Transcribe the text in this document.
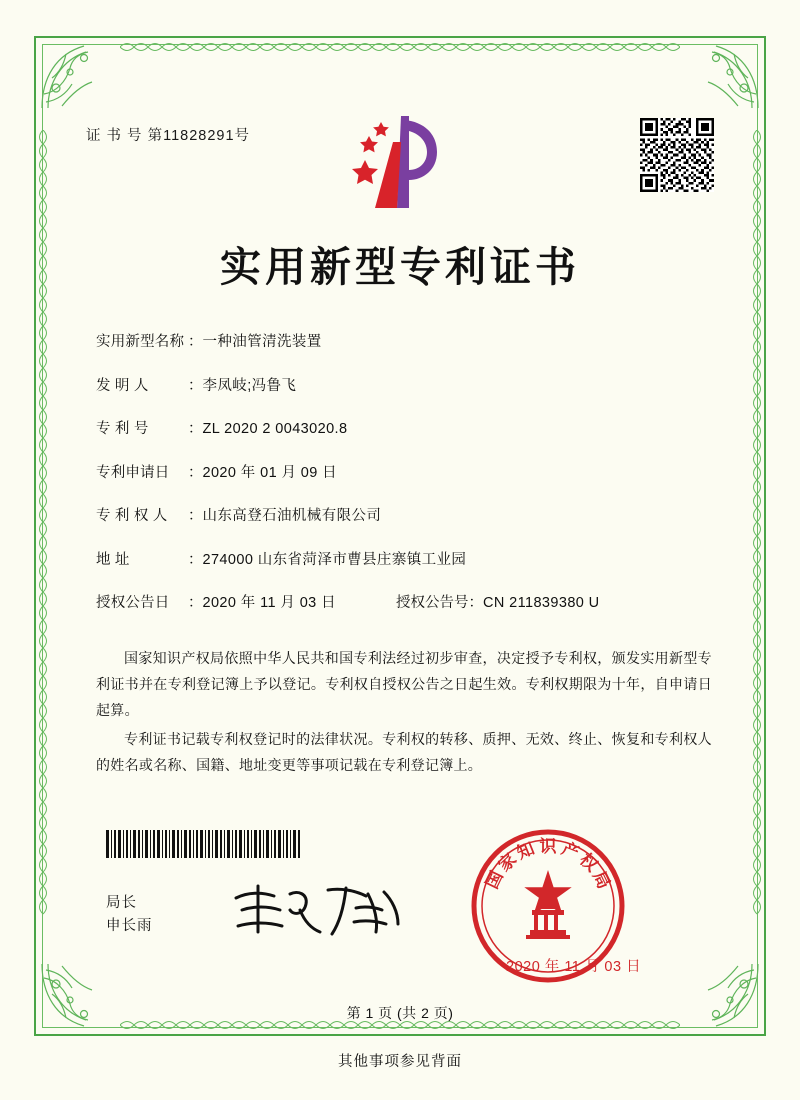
证 书 号 第11828291号
实用新型专利证书
实用新型名称 ： 一种油管清洗装置
发 明 人	： 李凤岐;冯鲁飞
专 利 号	： ZL 2020 2 0043020.8
专利申请日	： 2020 年 01 月 09 日
专 利 权 人	： 山东高登石油机械有限公司
地 址	： 274000 山东省菏泽市曹县庄寨镇工业园
授权公告日	： 2020 年 11 月 03 日	授权公告号 ： CN 211839380 U

国家知识产权局依照中华人民共和国专利法经过初步审查，决定授予专利权，颁发实用新型专利证书并在专利登记簿上予以登记。专利权自授权公告之日起生效。专利权期限为十年，自申请日起算。

专利证书记载专利权登记时的法律状况。专利权的转移、质押、无效、终止、恢复和专利权人的姓名或名称、国籍、地址变更等事项记载在专利登记簿上。

局长
申长雨
国
家
知 识 产
权
局
2020 年 11 月 03 日
第 1 页 (共 2 页)
其他事项参见背面
